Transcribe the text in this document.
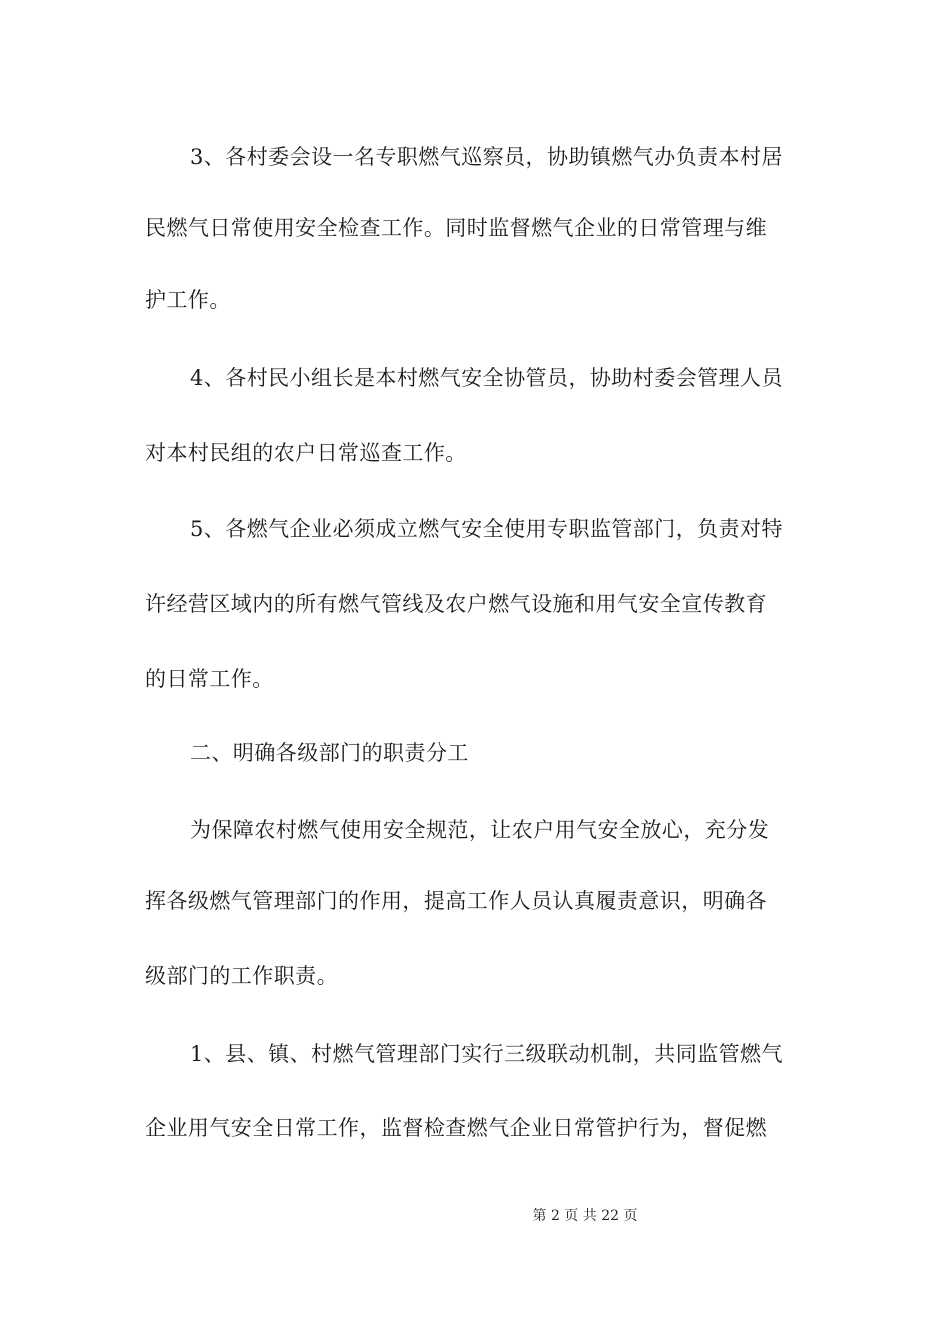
3、各村委会设一名专职燃气巡察员，协助镇燃气办负责本村居
民燃气日常使用安全检查工作。同时监督燃气企业的日常管理与维
护工作。
4、各村民小组长是本村燃气安全协管员，协助村委会管理人员
对本村民组的农户日常巡查工作。
5、各燃气企业必须成立燃气安全使用专职监管部门，负责对特
许经营区域内的所有燃气管线及农户燃气设施和用气安全宣传教育
的日常工作。
二、明确各级部门的职责分工
为保障农村燃气使用安全规范，让农户用气安全放心，充分发
挥各级燃气管理部门的作用，提高工作人员认真履责意识，明确各
级部门的工作职责。
1、县、镇、村燃气管理部门实行三级联动机制，共同监管燃气
企业用气安全日常工作，监督检查燃气企业日常管护行为，督促燃
第 2 页 共 22 页
